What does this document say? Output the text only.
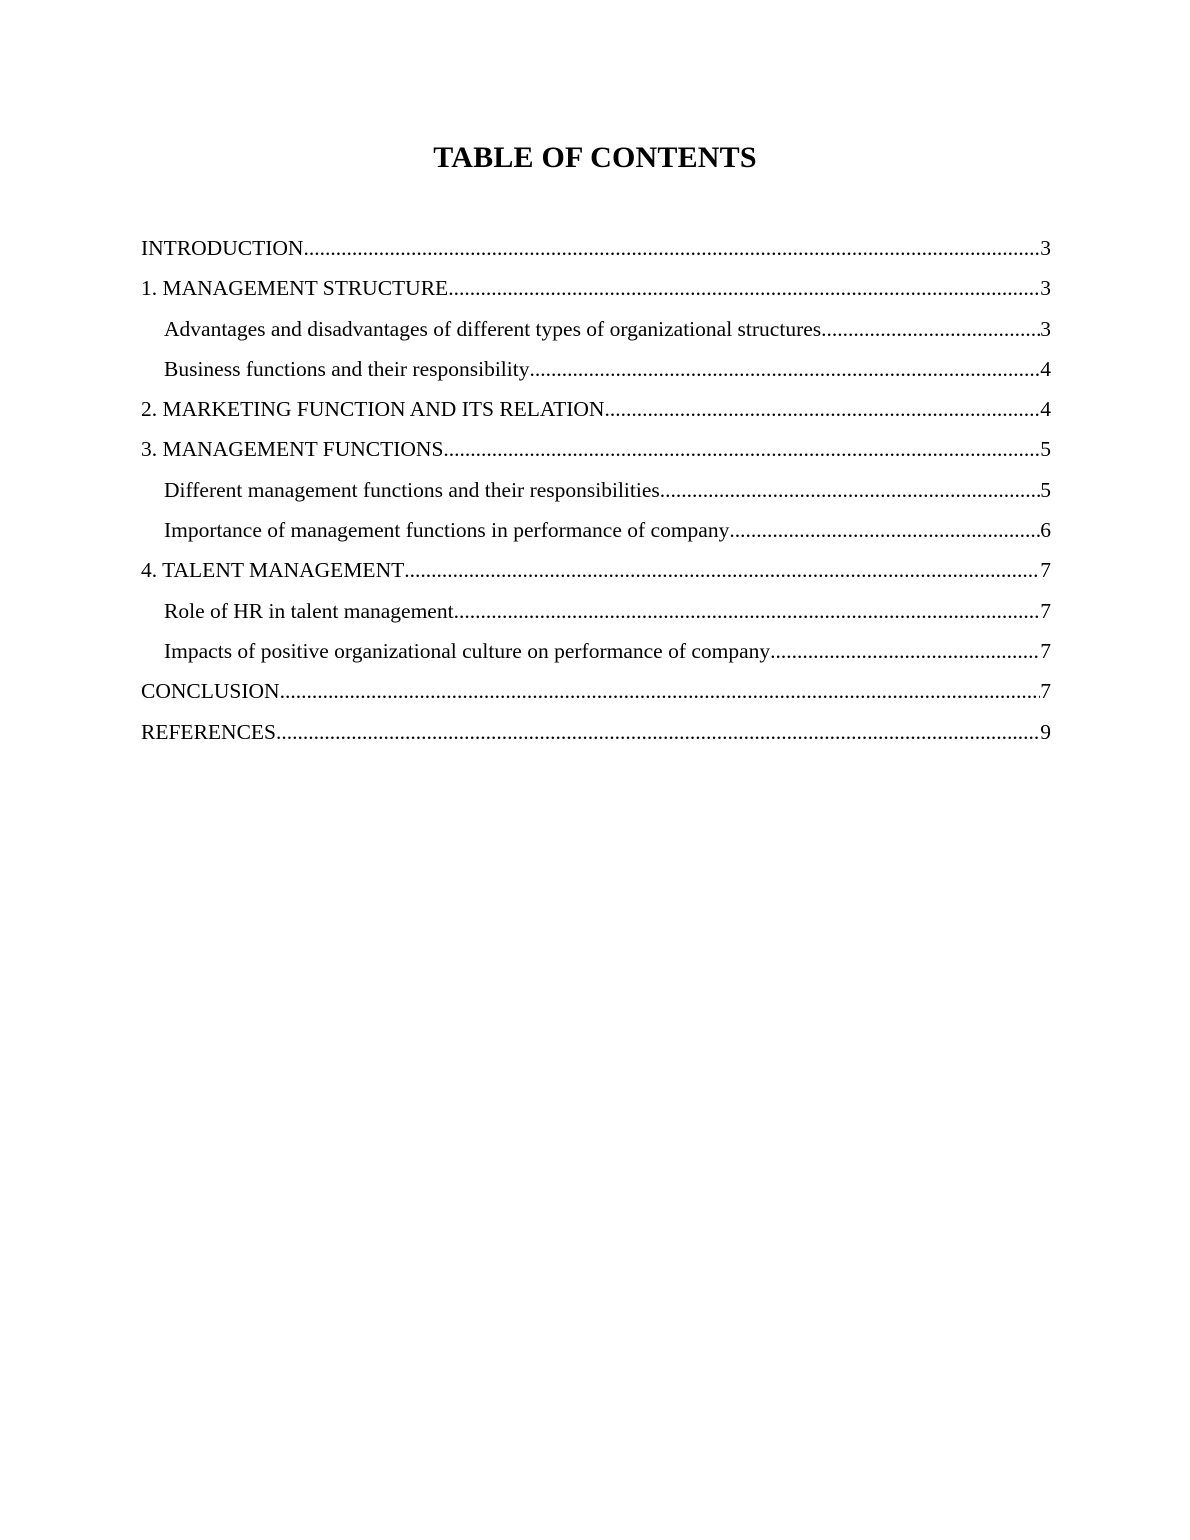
TABLE OF CONTENTS
INTRODUCTION .....	3
1. MANAGEMENT STRUCTURE .....	3
Advantages and disadvantages of different types of organizational structures .....	3
Business functions and their responsibility .....	4
2. MARKETING FUNCTION AND ITS RELATION .....	4
3. MANAGEMENT FUNCTIONS .....	5
Different management functions and their responsibilities .....	5
Importance of management functions in performance of company .....	6
4. TALENT MANAGEMENT .....	7
Role of HR in talent management .....	7
Impacts of positive organizational culture on performance of company .....	7
CONCLUSION .....	7
REFERENCES .....	9
